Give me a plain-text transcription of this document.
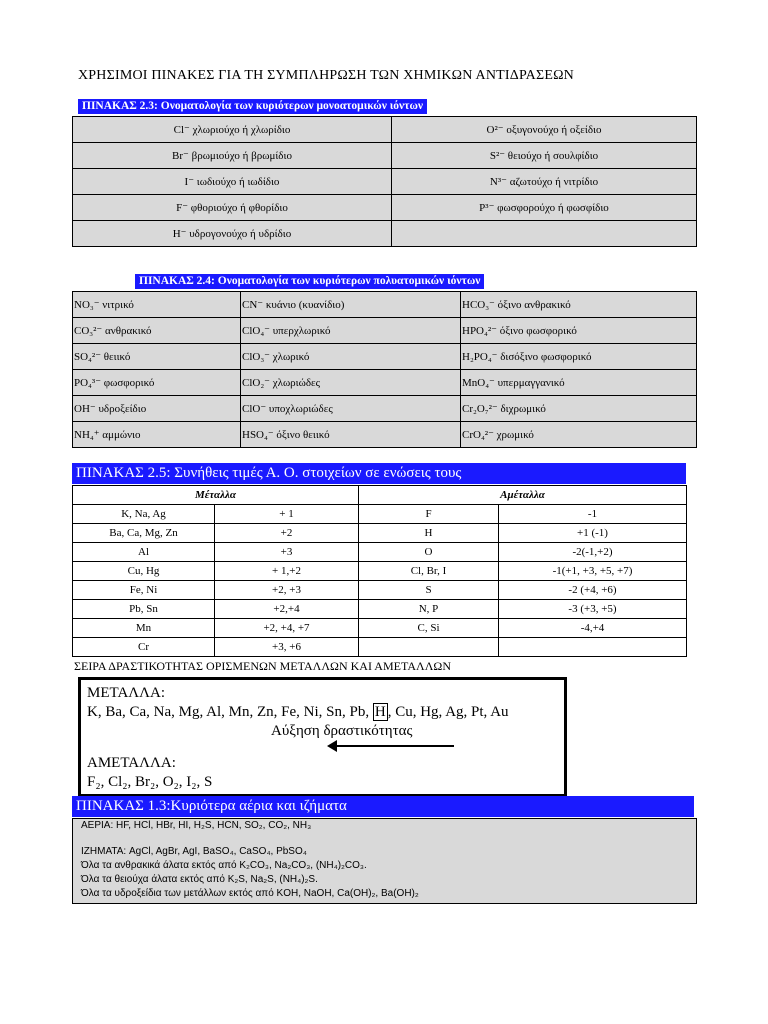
ΧΡΗΣΙΜΟΙ ΠΙΝΑΚΕΣ ΓΙΑ ΤΗ ΣΥΜΠΛΗΡΩΣΗ ΤΩΝ ΧΗΜΙΚΩΝ ΑΝΤΙΔΡΑΣΕΩΝ
ΠΙΝΑΚΑΣ 2.3: Ονοματολογία των κυριότερων μονοατομικών ιόντων
Cl⁻ χλωριούχο ή χλωρίδιο	O²⁻ οξυγονούχο ή οξείδιο
Br⁻ βρωμιούχο ή βρωμίδιο	S²⁻ θειούχο ή σουλφίδιο
I⁻ ιωδιούχο ή ιωδίδιο	N³⁻ αζωτούχο ή νιτρίδιο
F⁻ φθοριούχο ή φθορίδιο	P³⁻ φωσφορούχο ή φωσφίδιο
H⁻ υδρογονούχο ή υδρίδιο	
ΠΙΝΑΚΑΣ 2.4: Ονοματολογία των κυριότερων πολυατομικών ιόντων
NO₃⁻ νιτρικό	CN⁻ κυάνιο (κυανίδιο)	HCO₃⁻ όξινο ανθρακικό
CO₃²⁻ ανθρακικό	ClO₄⁻ υπερχλωρικό	HPO₄²⁻ όξινο φωσφορικό
SO₄²⁻ θειικό	ClO₃⁻ χλωρικό	H₂PO₄⁻ δισόξινο φωσφορικό
PO₄³⁻ φωσφορικό	ClO₂⁻ χλωριώδες	MnO₄⁻ υπερμαγγανικό
OH⁻ υδροξείδιο	ClO⁻ υποχλωριώδες	Cr₂O₇²⁻ διχρωμικό
NH₄⁺ αμμώνιο	HSO₄⁻ όξινο θειικό	CrO₄²⁻ χρωμικό
ΠΙΝΑΚΑΣ 2.5: Συνήθεις τιμές Α. Ο. στοιχείων σε ενώσεις τους
Μέταλλα		Αμέταλλα	
K, Na, Ag	+ 1	F	-1
Ba, Ca, Mg, Zn	+2	H	+1 (-1)
Al	+3	O	-2(-1,+2)
Cu, Hg	+ 1,+2	Cl, Br, I	-1(+1, +3, +5, +7)
Fe, Ni	+2, +3	S	-2 (+4, +6)
Pb, Sn	+2,+4	N, P	-3 (+3, +5)
Mn	+2, +4, +7	C, Si	-4,+4
Cr	+3, +6		
ΣΕΙΡΑ ΔΡΑΣΤΙΚΟΤΗΤΑΣ ΟΡΙΣΜΕΝΩΝ ΜΕΤΑΛΛΩΝ ΚΑΙ ΑΜΕΤΑΛΛΩΝ
ΜΕΤΑΛΛΑ:
K, Ba, Ca, Na, Mg, Al, Mn, Zn, Fe, Ni, Sn, Pb, H , Cu, Hg, Ag, Pt, Au
Αύξηση δραστικότητας
ΑΜΕΤΑΛΛΑ:
F₂, Cl₂, Br₂, O₂, I₂, S
ΠΙΝΑΚΑΣ 1.3:Κυριότερα αέρια και ιζήματα
ΑΕΡΙΑ: HF, HCl, HBr, HI, H₂S, HCN, SO₂, CO₂, NH₃
ΙΖΗΜΑΤΑ: AgCl, AgBr, AgI, BaSO₄, CaSO₄, PbSO₄
Όλα τα ανθρακικά άλατα εκτός από K₂CO₃, Na₂CO₃, (NH₄)₂CO₃.
Όλα τα θειούχα άλατα εκτός από K₂S, Na₂S, (NH₄)₂S.
Όλα τα υδροξείδια των μετάλλων εκτός από KOH, NaOH, Ca(OH)₂, Ba(OH)₂
